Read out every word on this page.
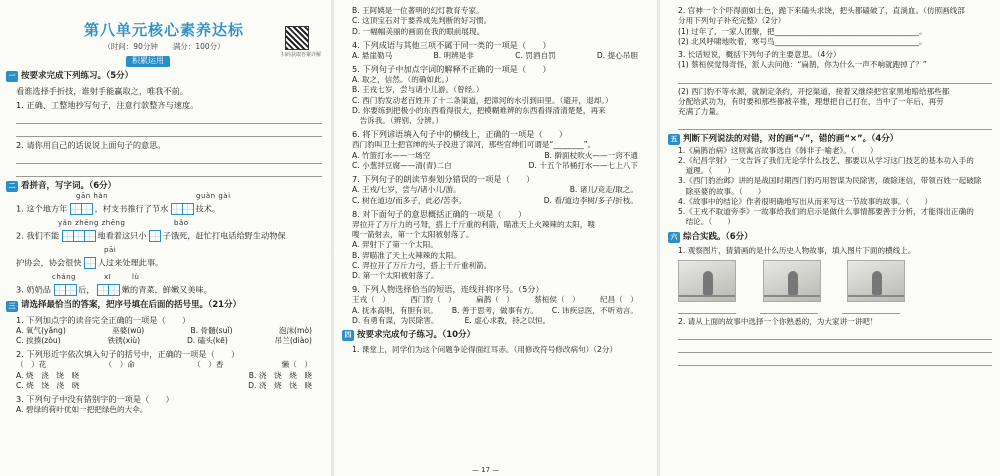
第八单元核心素养达标
（时间：90分钟　　满分：100分）
扫码获取答案详解
积累运用
一 按要求完成下列练习。（5分）
看谁选择手折技，谁射手能赢取之，唯我不前。
1. 正确、工整地抄写句子，注意行款整齐与速度。
2. 请你用自己的话说说上面句子的意思。
二 看拼音，写字词。（6分）
gān hàn	guàn gài
1. 这个地方年	，村支书推行了节水	技术。
yǎn zhēng zhēng	bǎo
2. 我们不能	地看着这只小 子饿死，赶忙打电话给野生动物保
pāi
护协会，协会很快 人过来处理此事。
cháng	xī	lù
3. 奶奶品	后，	嫩的青菜，鲜嫩又美味。
三 请选择最恰当的答案，把序号填在后面的括号里。（21分）
1. 下列加点字的读音完全正确的一项是（　　）
A. 氧气(yǎng)	巫婆(wū)	B. 骨髓(suǐ)	泡沫(mò)
C. 挨揍(zòu)	铁锈(xiù)	D. 磕头(kē)	吊兰(diào)
2. 下列形近字依次填入句子的括号中，正确的一项是（　　）
（　）花	（　）命	（　）香	懒（　）
A. 烧　浇　饶　晓	B. 浇　饶　烧　晓
C. 烧　饶　浇　晓	D. 浇　烧　饶　晓
3. 下列句子中没有错别字的一项是（　　）
A. 碧绿的荷叶优如一把把绿色的大伞。
B. 王阿姨是一位著明的幻灯教育专家。
C. 这顶宝石对于要养成先判断的好习惯。
D. 一幅幅美丽的画面在我的眼前展现。
4. 下列成语与其他三项不属于同一类的一项是（　　）
A. 悬崖勒马	B. 明辨是非	C. 罚酒自罚	D. 提心吊胆
5. 下列句子中加点字词的解释不正确的一项是（　　）
A. 取之，信然。（的确如此。）
B. 王戎七岁，尝与诸小儿游。（曾经。）
C. 西门豹发动老百姓开了十二条渠道，把漳河的水引到田里。（避开，退却。）
D. 你要练到把极小的东西看得很大，把模糊难辨的东西看得清清楚楚，再来
　告诉我。（辨别、分辨。）
6. 将下列谚语填入句子中的横线上，正确的一项是（　　）
西门豹叫卫士把官绅的头子投进了漳河，那些官绅们可谓是“________”。
A. 竹篮打水——一场空	B. 擀面杖吹火——一窍不通
C. 小葱拌豆腐——清(青)二白	D. 十五个吊桶打水——七上八下
7. 下列句子的朗读节奏划分错误的一项是（　　）
A. 王戎/七岁，尝与/诸小儿/游。	B. 诸儿/竞走/取之。
C. 树在道边/而多子，此必/苦李。	D. 看/道边李树/多子/折枝。
8. 对下面句子的意思概括正确的一项是（　　）
羿拉开了万斤力的弓弩，搭上千斤重的利箭，瞄准天上火辣辣的太阳，嗖
嗖一箭射去，第一个太阳被射落了。
A. 羿射下了第一个太阳。
B. 羿瞄准了天上火辣辣的太阳。
C. 羿拉开了万斤力弓，搭上千斤重利箭。
D. 第一个太阳被射落了。
9. 下列人物选择恰当的短语，连线并将序号。（5分）
王戎（　）	西门豹（　）	扁鹊（　）	蔡桓侯（　）	纪昌（　）
A. 抚本高明，有胆有识。 B. 善于思考，做事有方。 C. 讳疾忌医，不听劝言。
D. 有勇有谋，为民除害。	E. 虚心求教，持之以恒。
四 按要求完成句子练习。（10分）
1. 课堂上，同学们为这个问题争论得面红耳赤。（用修改符号修改病句）（2分）
— 17 —
2. 官神一个个吓得面如土色，跪下来磕头求饶，把头都磕破了，直淌血。（仿照画线部
分用下列句子补充完整）（2分）
(1) 过年了，一家人团聚，把______________________________________。
(2) 北风呼啸地吹着，寒号鸟______________________________________。
3. 长话短说，概括下列句子的主要意思。（4分）
(1) 蔡桓侯觉得奇怪，派人去问他：“扁鹊，你为什么一声不响就跑掉了？”
(2) 西门豹不等水源，就制定条约，开挖渠道，接着又继续把官家黑地赔给那些都
分配给武功为，有时要和那些都被辛推，理想把自己打在，当中了一年后，再劳
充满了力量。
五 判断下列说法的对错，对的画“√”，错的画“×”。（4分）
1.《扁鹊治病》这则寓言故事选自《韩非子·喻老》。（　　）
2.《纪昌学射》一文告诉了我们无论学什么技艺，都要以从学习这门技艺的基本功入手的
　道理。（　　）
3.《西门豹治邺》讲的是战国时期西门豹巧用智谋为民除害，破除迷信，带领百姓一起破除
　除巫婆的故事。（　　）
4.《故事中的结论》作者很明确地写出从而来写这一节故事的故事。（　　）
5.《王戎不取道旁李》一故事给我们的启示是做什么事情都要善于分析，才能得出正确的
　结论。（　　）
六 综合实践。（6分）
1. 观察图片，猜猜画的是什么历史人物故事，填入图片下面的横线上。

2. 请从上面的故事中选择一个你熟悉的，为大家讲一讲吧！
